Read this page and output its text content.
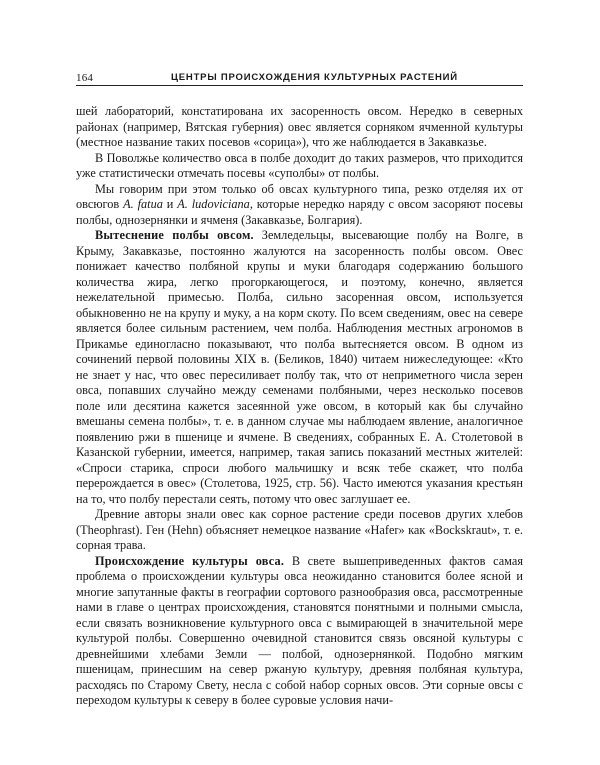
164	ЦЕНТРЫ ПРОИСХОЖДЕНИЯ КУЛЬТУРНЫХ РАСТЕНИЙ

шей лабораторий, констатирована их засоренность овсом. Нередко в северных районах (например, Вятская губерния) овес является сорняком ячменной культуры (местное название таких посевов «сорица»), что же наблюдается в Закавказье.

В Поволжье количество овса в полбе доходит до таких размеров, что приходится уже статистически отмечать посевы «суполбы» от полбы.

Мы говорим при этом только об овсах культурного типа, резко отделяя их от овсюгов A. fatua и A. ludoviciana, которые нередко наряду с овсом засоряют посевы полбы, однозернянки и ячменя (Закавказье, Болгария).

Вытеснение полбы овсом. Земледельцы, высевающие полбу на Волге, в Крыму, Закавказье, постоянно жалуются на засоренность полбы овсом. Овес понижает качество полбяной крупы и муки благодаря содержанию большого количества жира, легко прогоркающегося, и поэтому, конечно, является нежелательной примесью. Полба, сильно засоренная овсом, используется обыкновенно не на крупу и муку, а на корм скоту. По всем сведениям, овес на севере является более сильным растением, чем полба. Наблюдения местных агрономов в Прикамье единогласно показывают, что полба вытесняется овсом. В одном из сочинений первой половины XIX в. (Беликов, 1840) читаем нижеследующее: «Кто не знает у нас, что овес пересиливает полбу так, что от неприметного числа зерен овса, попавших случайно между семенами полбяными, через несколько посевов поле или десятина кажется засеянной уже овсом, в который как бы случайно вмешаны семена полбы», т. е. в данном случае мы наблюдаем явление, аналогичное появлению ржи в пшенице и ячмене. В сведениях, собранных Е. А. Столетовой в Казанской губернии, имеется, например, такая запись показаний местных жителей: «Спроси старика, спроси любого мальчишку и всяк тебе скажет, что полба перерождается в овес» (Столетова, 1925, стр. 56). Часто имеются указания крестьян на то, что полбу перестали сеять, потому что овес заглушает ее.

Древние авторы знали овес как сорное растение среди посевов других хлебов (Theophrast). Ген (Hehn) объясняет немецкое название «Hafer» как «Bockskraut», т. е. сорная трава.

Происхождение культуры овса. В свете вышеприведенных фактов самая проблема о происхождении культуры овса неожиданно становится более ясной и многие запутанные факты в географии сортового разнообразия овса, рассмотренные нами в главе о центрах происхождения, становятся понятными и полными смысла, если связать возникновение культурного овса с вымирающей в значительной мере культурой полбы. Совершенно очевидной становится связь овсяной культуры с древнейшими хлебами Земли — полбой, однозернянкой. Подобно мягким пшеницам, принесшим на север ржаную культуру, древняя полбяная культура, расходясь по Старому Свету, несла с собой набор сорных овсов. Эти сорные овсы с переходом культуры к северу в более суровые условия начи-
